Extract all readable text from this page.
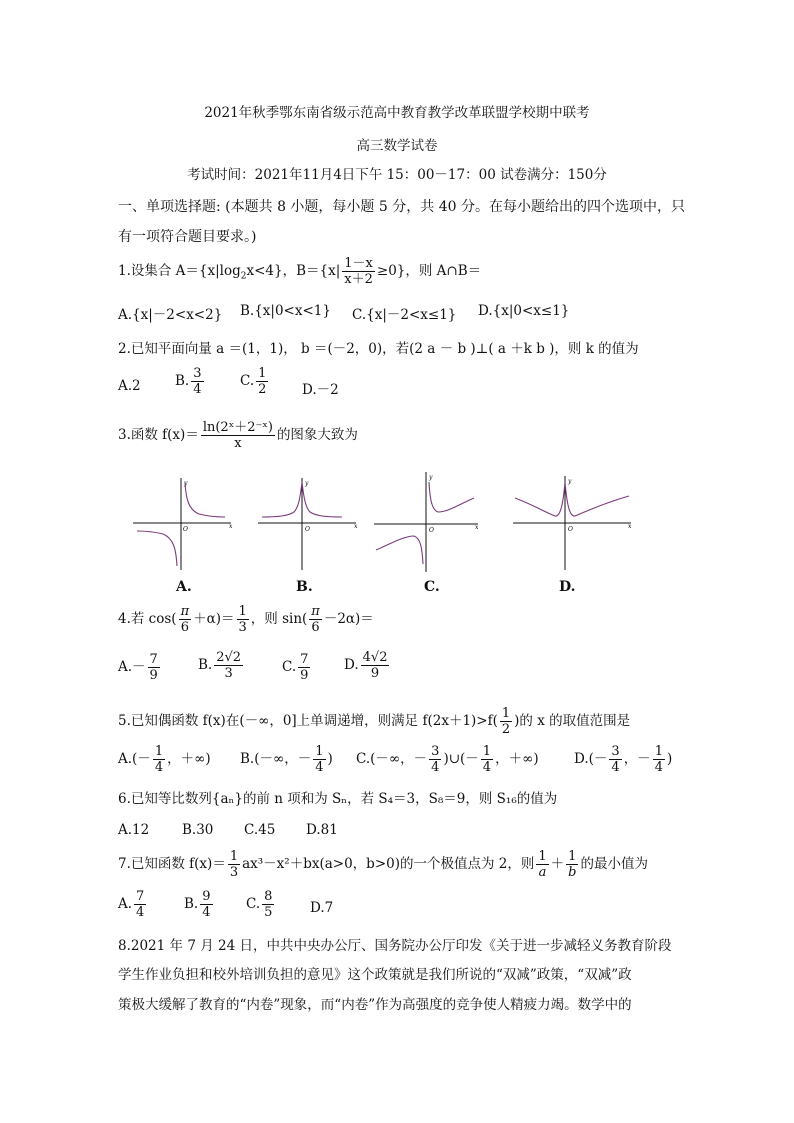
2021年秋季鄂东南省级示范高中教育教学改革联盟学校期中联考
高三数学试卷
考试时间：2021年11月4日下午 15：00－17：00 试卷满分：150分
一、单项选择题: (本题共 8 小题，每小题 5 分，共 40 分。在每小题给出的四个选项中，只
有一项符合题目要求。)
1.设集合 $A=\{x|\log_2x<4\}$，$B=\{x| \frac{1-x}{x+2} \ge 0\}$，则 A∩B＝
A.{x|－2<x<2} B.{x|0<x<1} C.{x|－2<x≤1} D.{x|0<x≤1}
2.已知平面向量 a ＝(1，1)， b ＝(－2，0)，若(2 a － b )⊥( a ＋k b )，则 k 的值为
A.2	B. $\frac{3}{4}$	C. $\frac{1}{2} D.-2$
3.函数 $f(x)= \frac{\text{ln(2ˣ＋2⁻ˣ)}}{x}$ 的图象大致为
y
x
O
A.
y
x
O
B.
y
x
O
C.
y
x
O
D.
4.若 $\cos( \frac{\pi}{6} +\alpha)= \frac{1}{3}$ ，则 $\sin( \frac{\pi}{6} -2\alpha)=$
$A.- \frac{7}{9}$	B. $\frac{2√2}{3}$	C. $\frac{7}{9} D$. $\frac{4√2}{9}$
5.已知偶函数 f(x)在(－∞，0]上单调递增，则满足 $f(2x+1)>f( \frac{1}{2}$ )的 x 的取值范围是
$A.(- \frac{1}{4}$ ，＋∞) B.(－∞，－ $\frac{1}{4}$ ) C.(－∞，－ $\frac{3}{4}$ )∪(－ $\frac{1}{4}$ ，＋∞)	$D.(- \frac{3}{4}$ ，－ $\frac{1}{4}$ )
6.已知等比数列{aₙ}的前 n 项和为 Sₙ，若 S₄＝3，S₈＝9，则 S₁₆的值为
A.12 B.30 C.45 D.81
7.已知函数 $f(x)= \frac{1}{3} ax^3-x^2+bx(a>0$，b>0)的一个极值点为 2，则 $\frac{1}{a} + \frac{1}{b}$ 的最小值为
A. $\frac{7}{4}$	B. $\frac{9}{4} C$. $\frac{8}{5}$	D.7
8.2021 年 7 月 24 日，中共中央办公厅、国务院办公厅印发《关于进一步减轻义务教育阶段
学生作业负担和校外培训负担的意见》这个政策就是我们所说的“双减”政策，“双减”政
策极大缓解了教育的“内卷”现象，而“内卷”作为高强度的竞争使人精疲力竭。数学中的
